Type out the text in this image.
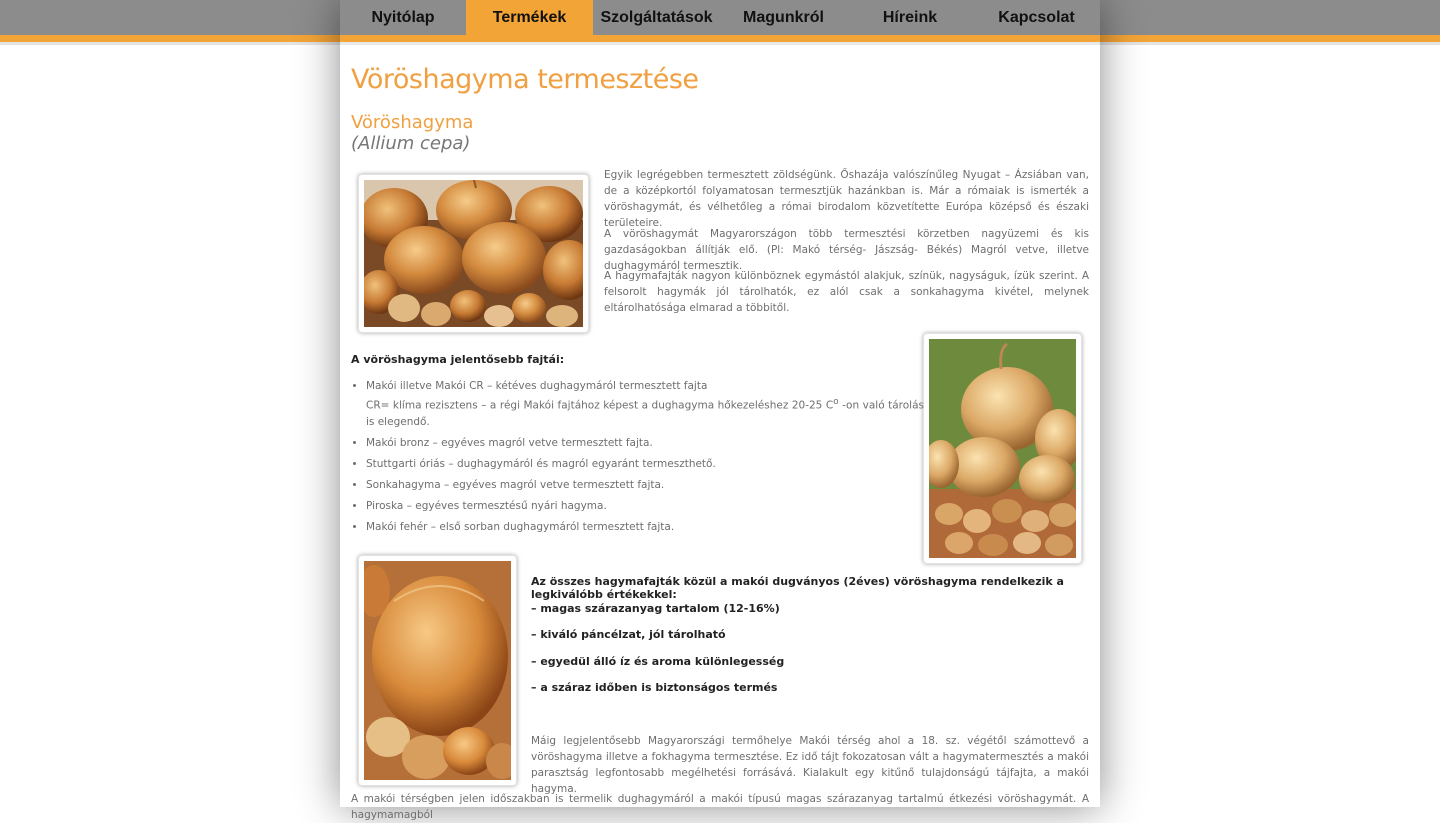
Nyitólap	Termékek	Szolgáltatások	Magunkról	Híreink	Kapcsolat
Vöröshagyma termesztése
Vöröshagyma
(Allium cepa)

Egyik legrégebben termesztett zöldségünk. Őshazája valószínűleg Nyugat – Ázsiában van, de a középkortól folyamatosan termesztjük hazánkban is. Már a rómaiak is ismerték a vöröshagymát, és vélhetőleg a római birodalom közvetítette Európa középső és északi területeire.

A vöröshagymát Magyarországon több termesztési körzetben nagyüzemi és kis gazdaságokban állítják elő. (Pl: Makó térség- Jászság- Békés) Magról vetve, illetve dughagymáról termesztik.

A hagymafajták nagyon különböznek egymástól alakjuk, színük, nagyságuk, ízük szerint. A felsorolt hagymák jól tárolhatók, ez alól csak a sonkahagyma kivétel, melynek eltárolhatósága elmarad a többitől.

A vöröshagyma jelentősebb fajtái:
• Makói illetve Makói CR – kétéves dughagymáról termesztett fajta
CR= klíma rezisztens – a régi Makói fajtához képest a dughagyma hőkezeléshez 20-25 $C^o$ -on való tárolás is elegendő.
• Makói bronz – egyéves magról vetve termesztett fajta.
• Stuttgarti óriás – dughagymáról és magról egyaránt termeszthető.
• Sonkahagyma – egyéves magról vetve termesztett fajta.
• Piroska – egyéves termesztésű nyári hagyma.
• Makói fehér – első sorban dughagymáról termesztett fajta.
Az összes hagymafajták közül a makói dugványos (2éves) vöröshagyma rendelkezik a legkiválóbb értékekkel:
– magas szárazanyag tartalom (12-16%)
– kiváló páncélzat, jól tárolható
– egyedül álló íz és aroma különlegesség
– a száraz időben is biztonságos termés

Máig legjelentősebb Magyarországi termőhelye Makói térség ahol a 18. sz. végétől számottevő a vöröshagyma illetve a fokhagyma termesztése. Ez idő tájt fokozatosan vált a hagymatermesztés a makói parasztság legfontosabb megélhetési forrásává. Kialakult egy kitűnő tulajdonságú tájfajta, a makói hagyma.

A makói térségben jelen időszakban is termelik dughagymáról a makói típusú magas szárazanyag tartalmú étkezési vöröshagymát. A hagymamagból
